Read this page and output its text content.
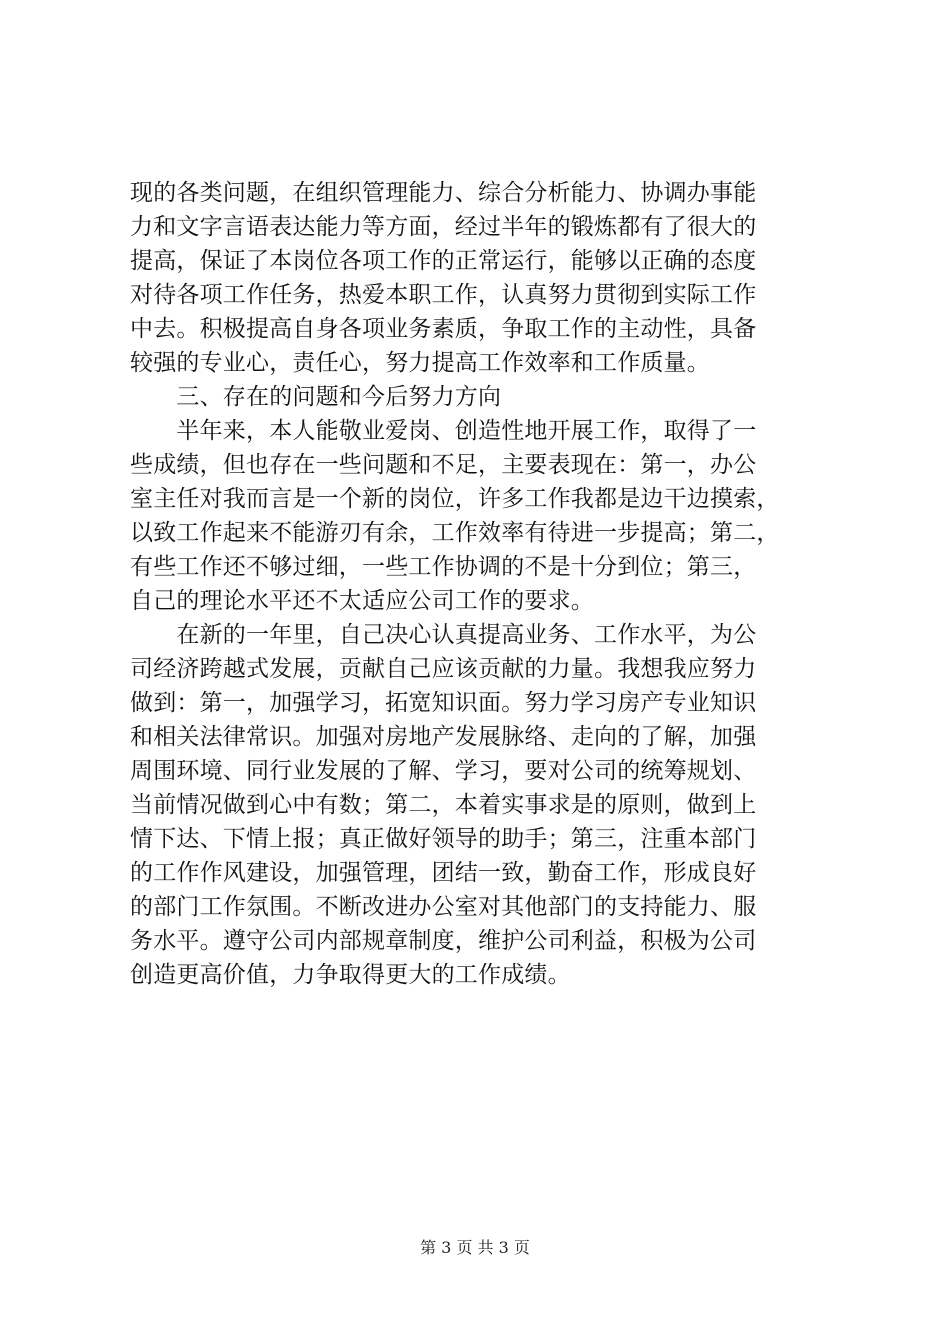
现的各类问题，在组织管理能力、综合分析能力、协调办事能
力和文字言语表达能力等方面，经过半年的锻炼都有了很大的
提高，保证了本岗位各项工作的正常运行，能够以正确的态度
对待各项工作任务，热爱本职工作，认真努力贯彻到实际工作
中去。积极提高自身各项业务素质，争取工作的主动性，具备
较强的专业心，责任心，努力提高工作效率和工作质量。
　　三、存在的问题和今后努力方向
　　半年来，本人能敬业爱岗、创造性地开展工作，取得了一
些成绩，但也存在一些问题和不足，主要表现在：第一，办公
室主任对我而言是一个新的岗位，许多工作我都是边干边摸索，
以致工作起来不能游刃有余，工作效率有待进一步提高；第二，
有些工作还不够过细，一些工作协调的不是十分到位；第三，
自己的理论水平还不太适应公司工作的要求。
　　在新的一年里，自己决心认真提高业务、工作水平，为公
司经济跨越式发展，贡献自己应该贡献的力量。我想我应努力
做到：第一，加强学习，拓宽知识面。努力学习房产专业知识
和相关法律常识。加强对房地产发展脉络、走向的了解，加强
周围环境、同行业发展的了解、学习，要对公司的统筹规划、
当前情况做到心中有数；第二，本着实事求是的原则，做到上
情下达、下情上报；真正做好领导的助手；第三，注重本部门
的工作作风建设，加强管理，团结一致，勤奋工作，形成良好
的部门工作氛围。不断改进办公室对其他部门的支持能力、服
务水平。遵守公司内部规章制度，维护公司利益，积极为公司
创造更高价值，力争取得更大的工作成绩。
第 3 页 共 3 页
